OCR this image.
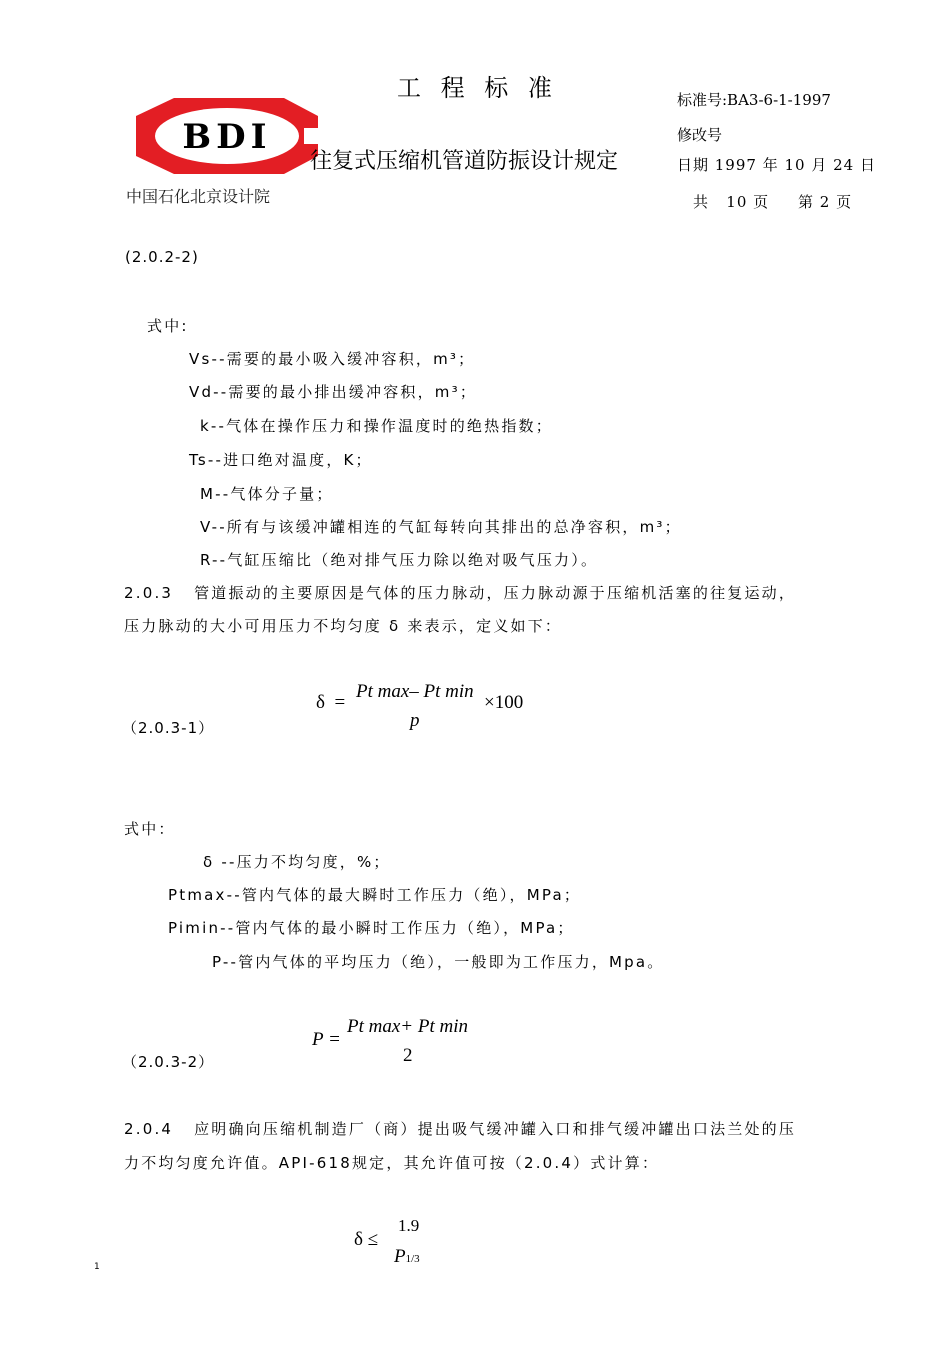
工 程 标 准
BDI
往复式压缩机管道防振设计规定
中国石化北京设计院
标准号:BA3-6-1-1997
修改号
日期 1997 年 10 月 24 日
共   10 页     第 2 页
(2.0.2-2)
式中:
Vs--需要的最小吸入缓冲容积，m³；
Vd--需要的最小排出缓冲容积，m³；
k--气体在操作压力和操作温度时的绝热指数；
Ts--进口绝对温度，K；
M--气体分子量；
V--所有与该缓冲罐相连的气缸每转向其排出的总净容积，m³；
R--气缸压缩比（绝对排气压力除以绝对吸气压力）。
2.0.3   管道振动的主要原因是气体的压力脉动，压力脉动源于压缩机活塞的往复运动，
压力脉动的大小可用压力不均匀度 δ 来表示，定义如下：
δ  =
Pt max– Pt min
p
×100
（2.0.3-1）
式中：
δ --压力不均匀度，%；
Ptmax--管内气体的最大瞬时工作压力（绝），MPa；
Pimin--管内气体的最小瞬时工作压力（绝），MPa；
P--管内气体的平均压力（绝），一般即为工作压力，Mpa。
P =
Pt max+ Pt min
2
（2.0.3-2）
2.0.4   应明确向压缩机制造厂（商）提出吸气缓冲罐入口和排气缓冲罐出口法兰处的压
力不均匀度允许值。API-618规定，其允许值可按（2.0.4）式计算：
δ ≤
1.9
P1/3
1
